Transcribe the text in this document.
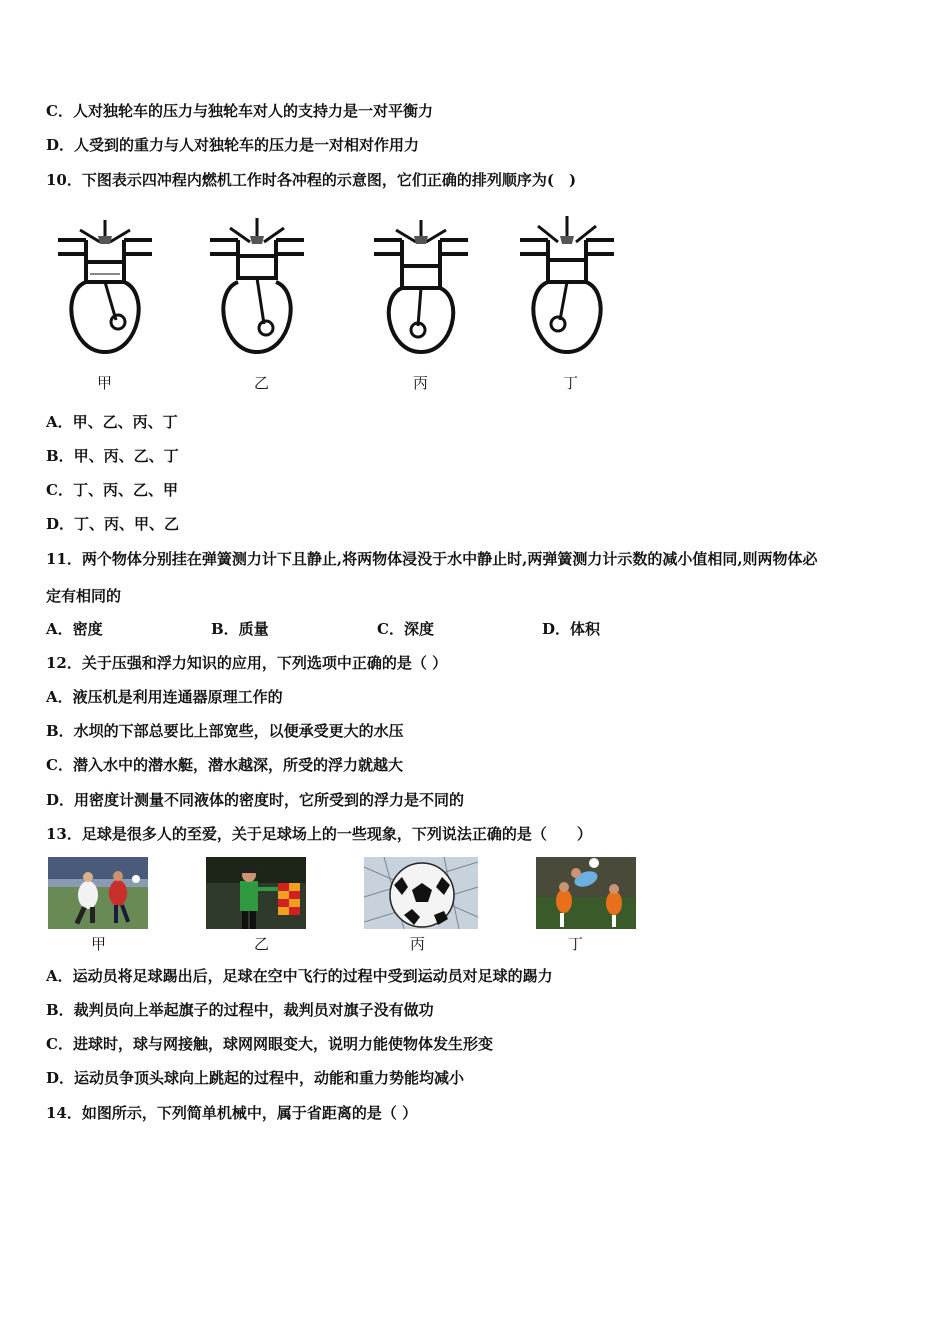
C．人对独轮车的压力与独轮车对人的支持力是一对平衡力
D．人受到的重力与人对独轮车的压力是一对相对作用力
10．下图表示四冲程内燃机工作时各冲程的示意图，它们正确的排列顺序为(　)
甲	乙	丙	丁
A．甲、乙、丙、丁
B．甲、丙、乙、丁
C．丁、丙、乙、甲
D．丁、丙、甲、乙
11．两个物体分别挂在弹簧测力计下且静止,将两物体浸没于水中静止时,两弹簧测力计示数的减小值相同,则两物体必
定有相同的
A．密度	B．质量	C．深度	D．体积
12．关于压强和浮力知识的应用，下列选项中正确的是（ ）
A．液压机是利用连通器原理工作的
B．水坝的下部总要比上部宽些，以便承受更大的水压
C．潜入水中的潜水艇，潜水越深，所受的浮力就越大
D．用密度计测量不同液体的密度时，它所受到的浮力是不同的
13．足球是很多人的至爱，关于足球场上的一些现象，下列说法正确的是（　　）
甲	乙	丙	丁
A．运动员将足球踢出后，足球在空中飞行的过程中受到运动员对足球的踢力
B．裁判员向上举起旗子的过程中，裁判员对旗子没有做功
C．进球时，球与网接触，球网网眼变大，说明力能使物体发生形变
D．运动员争顶头球向上跳起的过程中，动能和重力势能均减小
14．如图所示，下列简单机械中，属于省距离的是（ ）
